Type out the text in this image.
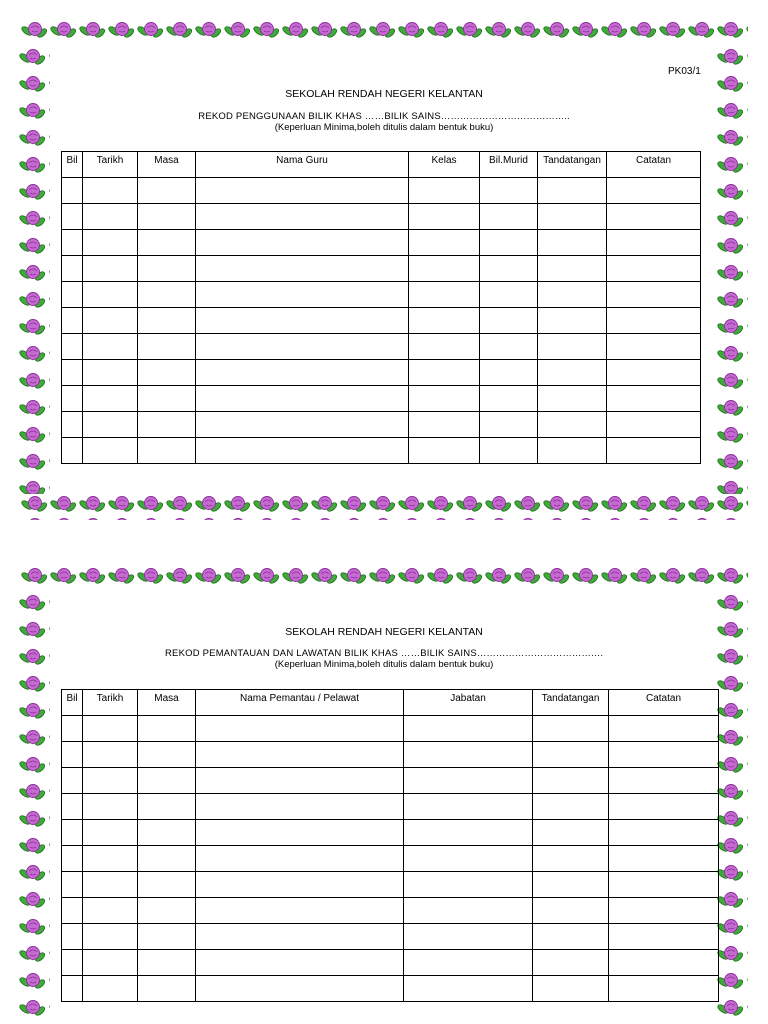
PK03/1
SEKOLAH RENDAH NEGERI KELANTAN
REKOD PENGGUNAAN BILIK KHAS ……BILIK SAINS…………………………………..
(Keperluan Minima,boleh ditulis dalam bentuk buku)
Bil	Tarikh	Masa	Nama Guru	Kelas	Bil.Murid	Tandatangan	Catatan

SEKOLAH RENDAH NEGERI KELANTAN
REKOD PEMANTAUAN DAN LAWATAN BILIK KHAS ……BILIK SAINS………………………………….
(Keperluan Minima,boleh ditulis dalam bentuk buku)
Bil	Tarikh	Masa	Nama Pemantau / Pelawat	Jabatan	Tandatangan	Catatan
